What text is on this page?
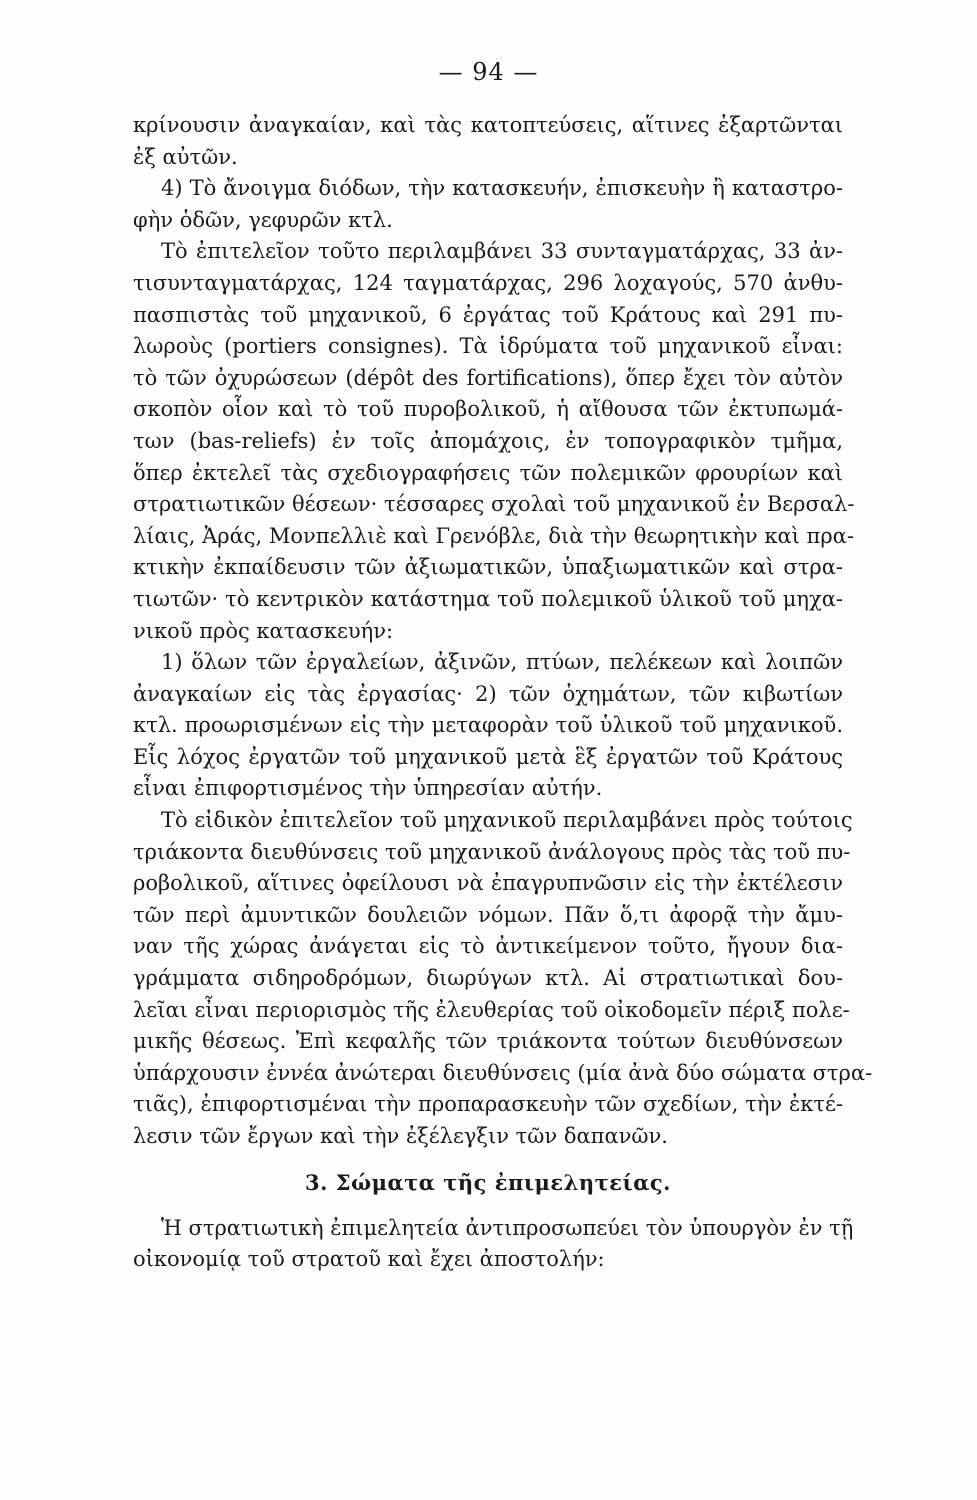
— 94 —
κρίνουσιν ἀναγκαίαν, καὶ τὰς κατοπτεύσεις, αἵτινες ἐξαρτῶνται
ἐξ αὐτῶν.
4) Τὸ ἄνοιγμα διόδων, τὴν κατασκευήν, ἐπισκευὴν ἢ καταστρο-
φὴν ὁδῶν, γεφυρῶν κτλ.
Τὸ ἐπιτελεῖον τοῦτο περιλαμβάνει 33 συνταγματάρχας, 33 ἀν-
τισυνταγματάρχας, 124 ταγματάρχας, 296 λοχαγούς, 570 ἀνθυ-
πασπιστὰς τοῦ μηχανικοῦ, 6 ἐργάτας τοῦ Κράτους καὶ 291 πυ-
λωροὺς (portiers consignes). Τὰ ἱδρύματα τοῦ μηχανικοῦ εἶναι:
τὸ τῶν ὀχυρώσεων (dépôt des fortifications), ὅπερ ἔχει τὸν αὐτὸν
σκοπὸν οἷον καὶ τὸ τοῦ πυροβολικοῦ, ἡ αἴθουσα τῶν ἐκτυπωμά-
των (bas-reliefs) ἐν τοῖς ἀπομάχοις, ἐν τοπογραφικὸν τμῆμα,
ὅπερ ἐκτελεῖ τὰς σχεδιογραφήσεις τῶν πολεμικῶν φρουρίων καὶ
στρατιωτικῶν θέσεων· τέσσαρες σχολαὶ τοῦ μηχανικοῦ ἐν Βερσαλ-
λίαις, Ἀράς, Μονπελλιὲ καὶ Γρενόβλε, διὰ τὴν θεωρητικὴν καὶ πρα-
κτικὴν ἐκπαίδευσιν τῶν ἀξιωματικῶν, ὑπαξιωματικῶν καὶ στρα-
τιωτῶν· τὸ κεντρικὸν κατάστημα τοῦ πολεμικοῦ ὑλικοῦ τοῦ μηχα-
νικοῦ πρὸς κατασκευήν:
1) ὅλων τῶν ἐργαλείων, ἀξινῶν, πτύων, πελέκεων καὶ λοιπῶν
ἀναγκαίων εἰς τὰς ἐργασίας· 2) τῶν ὀχημάτων, τῶν κιβωτίων
κτλ. προωρισμένων εἰς τὴν μεταφορὰν τοῦ ὑλικοῦ τοῦ μηχανικοῦ.
Εἷς λόχος ἐργατῶν τοῦ μηχανικοῦ μετὰ ἓξ ἐργατῶν τοῦ Κράτους
εἶναι ἐπιφορτισμένος τὴν ὑπηρεσίαν αὐτήν.
Τὸ εἰδικὸν ἐπιτελεῖον τοῦ μηχανικοῦ περιλαμβάνει πρὸς τούτοις
τριάκοντα διευθύνσεις τοῦ μηχανικοῦ ἀνάλογους πρὸς τὰς τοῦ πυ-
ροβολικοῦ, αἵτινες ὀφείλουσι νὰ ἐπαγρυπνῶσιν εἰς τὴν ἐκτέλεσιν
τῶν περὶ ἀμυντικῶν δουλειῶν νόμων. Πᾶν ὅ,τι ἀφορᾷ τὴν ἄμυ-
ναν τῆς χώρας ἀνάγεται εἰς τὸ ἀντικείμενον τοῦτο, ἤγουν δια-
γράμματα σιδηροδρόμων, διωρύγων κτλ. Αἱ στρατιωτικαὶ δου-
λεῖαι εἶναι περιορισμὸς τῆς ἐλευθερίας τοῦ οἰκοδομεῖν πέριξ πολε-
μικῆς θέσεως. Ἐπὶ κεφαλῆς τῶν τριάκοντα τούτων διευθύνσεων
ὑπάρχουσιν ἐννέα ἀνώτεραι διευθύνσεις (μία ἀνὰ δύο σώματα στρα-
τιᾶς), ἐπιφορτισμέναι τὴν προπαρασκευὴν τῶν σχεδίων, τὴν ἐκτέ-
λεσιν τῶν ἔργων καὶ τὴν ἐξέλεγξιν τῶν δαπανῶν.
3. Σώματα τῆς ἐπιμελητείας.
Ἡ στρατιωτικὴ ἐπιμελητεία ἀντιπροσωπεύει τὸν ὑπουργὸν ἐν τῇ
οἰκονομίᾳ τοῦ στρατοῦ καὶ ἔχει ἀποστολήν:
